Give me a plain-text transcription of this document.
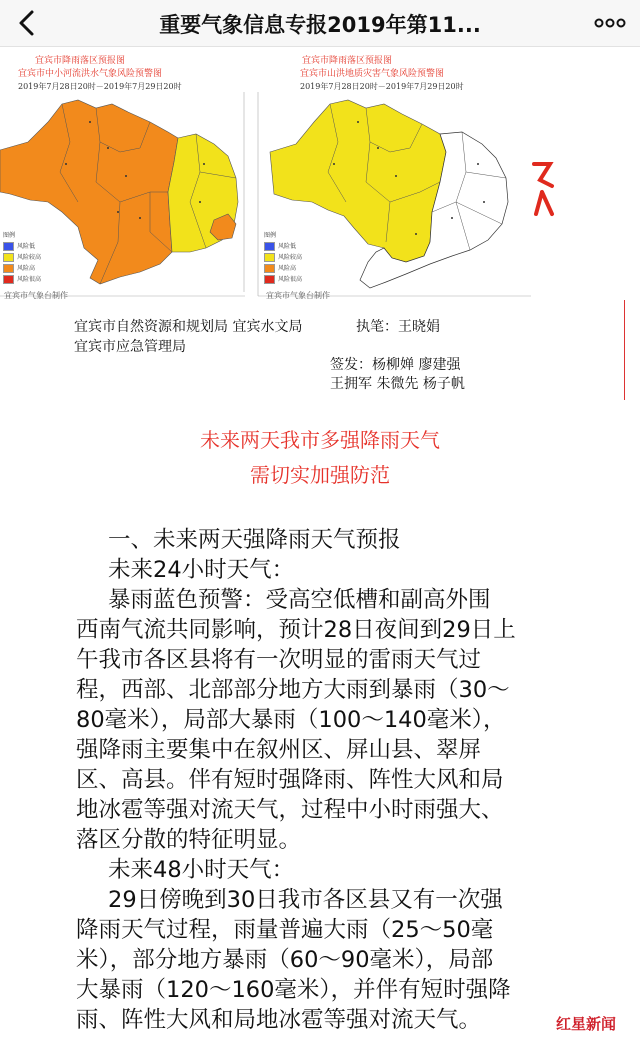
重要气象信息专报2019年第11...
宜宾市降雨落区预报图
宜宾市中小河流洪水气象风险预警图
2019年7月28日20时－2019年7月29日20时
图例
风险低
风险较高
风险高
风险很高
宜宾市气象台制作
宜宾市降雨落区预报图
宜宾市山洪地质灾害气象风险预警图
2019年7月28日20时－2019年7月29日20时
图例
风险低
风险较高
风险高
风险很高
宜宾市气象台制作
宜宾市自然资源和规划局 宜宾水文局	执笔：王晓娟
宜宾市应急管理局
签发：杨柳婵 廖建强
王拥军 朱微先 杨子帆
未来两天我市多强降雨天气
需切实加强防范
一、未来两天强降雨天气预报
未来24小时天气：
暴雨蓝色预警：受高空低槽和副高外围
西南气流共同影响，预计28日夜间到29日上
午我市各区县将有一次明显的雷雨天气过
程，西部、北部部分地方大雨到暴雨（30～
80毫米），局部大暴雨（100～140毫米），
强降雨主要集中在叙州区、屏山县、翠屏
区、高县。伴有短时强降雨、阵性大风和局
地冰雹等强对流天气，过程中小时雨强大、
落区分散的特征明显。
未来48小时天气：
29日傍晚到30日我市各区县又有一次强
降雨天气过程，雨量普遍大雨（25～50毫
米），部分地方暴雨（60～90毫米），局部
大暴雨（120～160毫米），并伴有短时强降
雨、阵性大风和局地冰雹等强对流天气。	红星新闻
